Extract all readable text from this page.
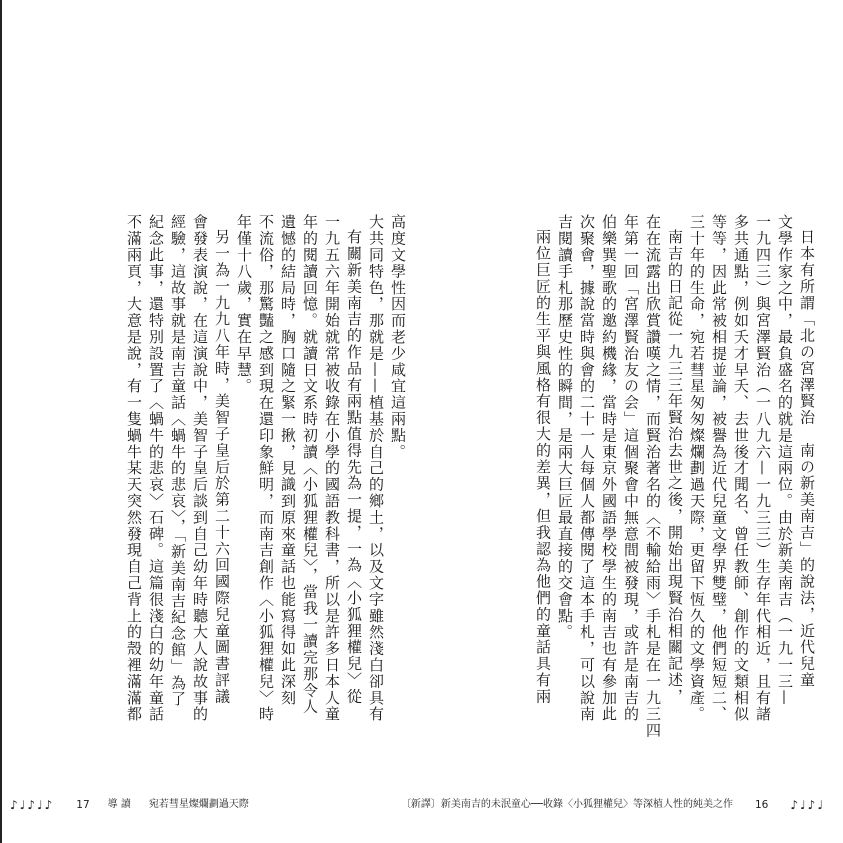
高度文學性因而老少咸宜這兩點。
大共同特色，那就是——植基於自己的鄉土，以及文字雖然淺白卻具有
有關新美南吉的作品有兩點值得先為一提，一為〈小狐狸權兒〉從
一九五六年開始就常被收錄在小學的國語教科書，所以是許多日本人童
年的閱讀回憶。就讀日文系時初讀〈小狐狸權兒〉，當我一讀完那令人
遺憾的結局時，胸口隨之緊一揪，見識到原來童話也能寫得如此深刻
不流俗，那驚豔之感到現在還印象鮮明，而南吉創作〈小狐狸權兒〉時
年僅十八歲，實在早慧。
另一為一九九八年時，美智子皇后於第二十六回國際兒童圖書評議
會發表演說，在這演說中，美智子皇后談到自己幼年時聽大人說故事的
經驗，這故事就是南吉童話〈蝸牛的悲哀〉，「新美南吉紀念館」為了
紀念此事，還特別設置了〈蝸牛的悲哀〉石碑。這篇很淺白的幼年童話
不滿兩頁，大意是說，有一隻蝸牛某天突然發現自己背上的殼裡滿滿都
♪♩♪♩♪ 17 導 讀 宛若彗星燦爛劃過天際
日本有所謂「北の宮澤賢治　南の新美南吉」的說法，近代兒童
文學作家之中，最負盛名的就是這兩位。由於新美南吉（一九一三—
一九四三）與宮澤賢治（一八九六—一九三三）生存年代相近，且有諸
多共通點，例如夭才早夭、去世後才聞名、曾任教師、創作的文類相似
等等，因此常被相提並論，被譽為近代兒童文學界雙璧，他們短短二、
三十年的生命，宛若彗星匆匆燦爛劃過天際，更留下恆久的文學資產。
南吉的日記從一九三三年賢治去世之後，開始出現賢治相關記述，
在在流露出欣賞讚嘆之情，而賢治著名的〈不輸給雨〉手札是在一九三四
年第一回「宮澤賢治友の会」這個聚會中無意間被發現，或許是南吉的
伯樂巽聖歌的邀約機緣，當時是東京外國語學校學生的南吉也有參加此
次聚會，據說當時與會的二十一人每個人都傳閱了這本手札，可以說南
吉閱讀手札那歷史性的瞬間，是兩大巨匠最直接的交會點。
兩位巨匠的生平與風格有很大的差異，但我認為他們的童話具有兩
〔新譯〕新美南吉的未泯童心──收錄〈小狐狸權兒〉等深植人性的純美之作 16 ♪♩♪♩
